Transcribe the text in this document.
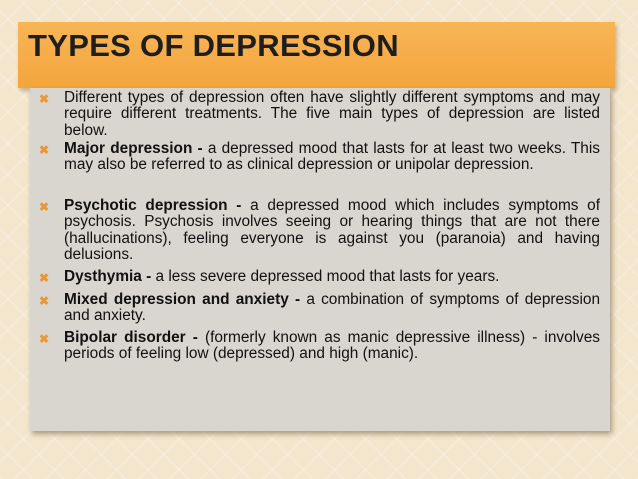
TYPES OF DEPRESSION

✖ Different types of depression often have slightly different symptoms and may require different treatments. The five main types of depression are listed below.

✖ Major depression - a depressed mood that lasts for at least two weeks. This may also be referred to as clinical depression or unipolar depression.

✖ Psychotic depression - a depressed mood which includes symptoms of psychosis. Psychosis involves seeing or hearing things that are not there (hallucinations), feeling everyone is against you (paranoia) and having delusions.

✖ Dysthymia - a less severe depressed mood that lasts for years.

✖ Mixed depression and anxiety - a combination of symptoms of depression and anxiety.

✖ Bipolar disorder - (formerly known as manic depressive illness) - involves periods of feeling low (depressed) and high (manic).
